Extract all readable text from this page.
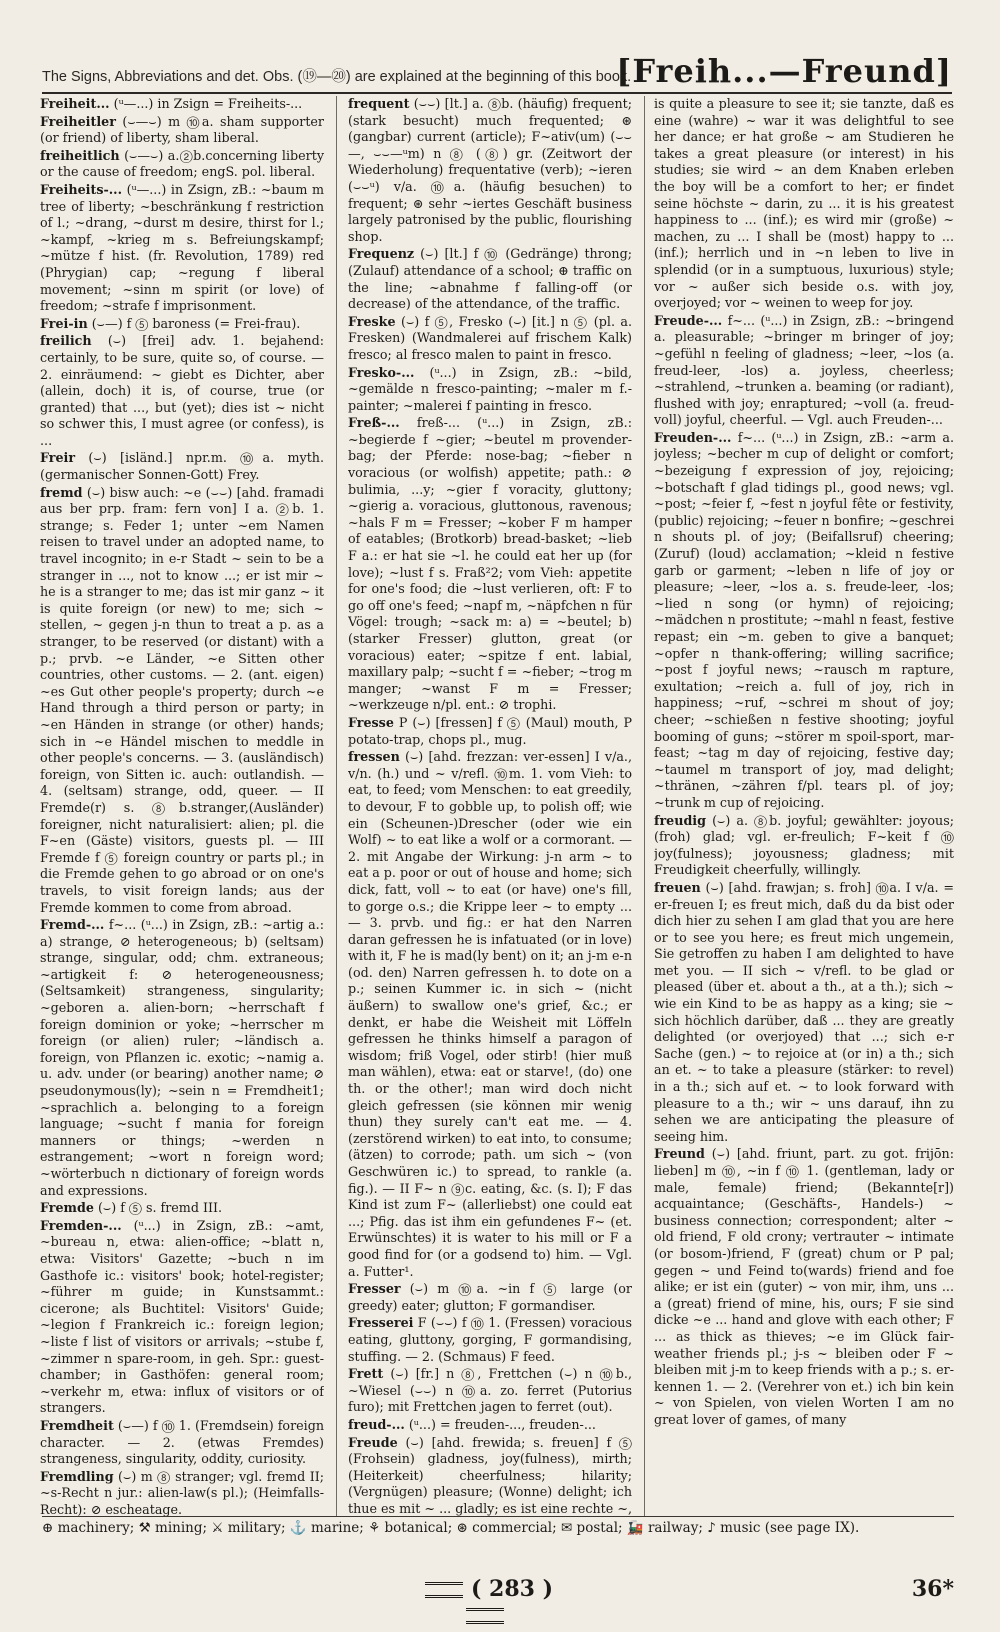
The Signs, Abbreviations and det. Obs. (⑲—⑳) are explained at the beginning of this book.
[Freih...—Freund]

Freiheit... (ᵘ—...) in Zsign = Freiheits-...

Freiheitler (⌣—⌣) m ⑩a. sham supporter (or friend) of liberty, sham liberal.

freiheitlich (⌣—⌣) a.②b.concerning liberty or the cause of freedom; engS. pol. liberal.

Freiheits-... (ᵘ—...) in Zsign, zB.: ~baum m tree of liberty; ~beschränkung f restriction of l.; ~drang, ~durst m desire, thirst for l.; ~kampf, ~krieg m s. Befreiungskampf; ~mütze f hist. (fr. Revolution, 1789) red (Phrygian) cap; ~regung f liberal movement; ~sinn m spirit (or love) of freedom; ~strafe f imprisonment.

Frei-in (⌣—) f ⑤ baroness (= Frei-frau).

freilich (⌣) [frei] adv. 1. bejahend: certainly, to be sure, quite so, of course. — 2. einräumend: ~ giebt es Dichter, aber (allein, doch) it is, of course, true (or granted) that ..., but (yet); dies ist ~ nicht so schwer this, I must agree (or confess), is ...

Freir (⌣) [isländ.] npr.m. ⑩a. myth. (germanischer Sonnen-Gott) Frey.

fremd (⌣) bisw auch: ~e (⌣⌣) [ahd. framadi aus ber prp. fram: fern von] I a. ②b. 1. strange; s. Feder 1; unter ~em Namen reisen to travel under an adopted name, to travel incognito; in e-r Stadt ~ sein to be a stranger in ..., not to know ...; er ist mir ~ he is a stranger to me; das ist mir ganz ~ it is quite foreign (or new) to me; sich ~ stellen, ~ gegen j-n thun to treat a p. as a stranger, to be reserved (or distant) with a p.; prvb. ~e Länder, ~e Sitten other countries, other customs. — 2. (ant. eigen) ~es Gut other people's property; durch ~e Hand through a third person or party; in ~en Händen in strange (or other) hands; sich in ~e Händel mischen to meddle in other people's concerns. — 3. (ausländisch) foreign, von Sitten ic. auch: outlandish. — 4. (seltsam) strange, odd, queer. — II Fremde(r) s. ⑧b.stranger,(Ausländer) foreigner, nicht naturalisiert: alien; pl. die F~en (Gäste) visitors, guests pl. — III Fremde f ⑤ foreign country or parts pl.; in die Fremde gehen to go abroad or on one's travels, to visit foreign lands; aus der Fremde kommen to come from abroad.

Fremd-... f~... (ᵘ...) in Zsign, zB.: ~artig a.: a) strange, ⊘ heterogeneous; b) (seltsam) strange, singular, odd; chm. extraneous; ~artigkeit f: ⊘ heterogeneousness; (Seltsamkeit) strangeness, singularity; ~geboren a. alien-born; ~herrschaft f foreign dominion or yoke; ~herrscher m foreign (or alien) ruler; ~ländisch a. foreign, von Pflanzen ic. exotic; ~namig a. u. adv. under (or bearing) another name; ⊘ pseudonymous(ly); ~sein n = Fremdheit1; ~sprachlich a. belonging to a foreign language; ~sucht f mania for foreign manners or things; ~werden n estrangement; ~wort n foreign word; ~wörterbuch n dictionary of foreign words and expressions.

Fremde (⌣) f ⑤ s. fremd III.

Fremden-... (ᵘ...) in Zsign, zB.: ~amt, ~bureau n, etwa: alien-office; ~blatt n, etwa: Visitors' Gazette; ~buch n im Gasthofe ic.: visitors' book; hotel-register; ~führer m guide; in Kunstsammt.: cicerone; als Buchtitel: Visitors' Guide; ~legion f Frankreich ic.: foreign legion; ~liste f list of visitors or arrivals; ~stube f, ~zimmer n spare-room, in geh. Spr.: guest-chamber; in Gasthöfen: general room; ~verkehr m, etwa: influx of visitors or of strangers.

Fremdheit (⌣—) f ⑩ 1. (Fremdsein) foreign character. — 2. (etwas Fremdes) strangeness, singularity, oddity, curiosity.

Fremdling (⌣) m ⑧ stranger; vgl. fremd II; ~s-Recht n jur.: alien-law(s pl.); (Heimfalls-Recht): ⊘ escheatage.

frequent (⌣⌣) [lt.] a. ⑧b. (häufig) frequent; (stark besucht) much frequented; ⊛ (gangbar) current (article); F~ativ(um) (⌣⌣—, ⌣⌣—ᵘm) n ⑧ (⑧) gr. (Zeitwort der Wiederholung) frequentative (verb); ~ieren (⌣⌣ᵘ) v/a. ⑩a. (häufig besuchen) to frequent; ⊛ sehr ~iertes Geschäft business largely patronised by the public, flourishing shop.

Frequenz (⌣) [lt.] f ⑩ (Gedränge) throng; (Zulauf) attendance of a school; ⊕ traffic on the line; ~abnahme f falling-off (or decrease) of the attendance, of the traffic.

Freske (⌣) f ⑤, Fresko (⌣) [it.] n ⑤ (pl. a. Fresken) (Wandmalerei auf frischem Kalk) fresco; al fresco malen to paint in fresco.

Fresko-... (ᵘ...) in Zsign, zB.: ~bild, ~gemälde n fresco-painting; ~maler m f.-painter; ~malerei f painting in fresco.

Freß-... freß-... (ᵘ...) in Zsign, zB.: ~begierde f ~gier; ~beutel m provender-bag; der Pferde: nose-bag; ~fieber n voracious (or wolfish) appetite; path.: ⊘ bulimia, ...y; ~gier f voracity, gluttony; ~gierig a. voracious, gluttonous, ravenous; ~hals F m = Fresser; ~kober F m hamper of eatables; (Brotkorb) bread-basket; ~lieb F a.: er hat sie ~l. he could eat her up (for love); ~lust f s. Fraß²2; vom Vieh: appetite for one's food; die ~lust verlieren, oft: F to go off one's feed; ~napf m, ~näpfchen n für Vögel: trough; ~sack m: a) = ~beutel; b) (starker Fresser) glutton, great (or voracious) eater; ~spitze f ent. labial, maxillary palp; ~sucht f = ~fieber; ~trog m manger; ~wanst F m = Fresser; ~werkzeuge n/pl. ent.: ⊘ trophi.

Fresse P (⌣) [fressen] f ⑤ (Maul) mouth, P potato-trap, chops pl., mug.

fressen (⌣) [ahd. frezzan: ver-essen] I v/a., v/n. (h.) und ~ v/refl. ⑩m. 1. vom Vieh: to eat, to feed; vom Menschen: to eat greedily, to devour, F to gobble up, to polish off; wie ein (Scheunen-)Drescher (oder wie ein Wolf) ~ to eat like a wolf or a cormorant. — 2. mit Angabe der Wirkung: j-n arm ~ to eat a p. poor or out of house and home; sich dick, fatt, voll ~ to eat (or have) one's fill, to gorge o.s.; die Krippe leer ~ to empty ... — 3. prvb. und fig.: er hat den Narren daran gefressen he is infatuated (or in love) with it, F he is mad(ly bent) on it; an j-m e-n (od. den) Narren gefressen h. to dote on a p.; seinen Kummer ic. in sich ~ (nicht äußern) to swallow one's grief, &c.; er denkt, er habe die Weisheit mit Löffeln gefressen he thinks himself a paragon of wisdom; friß Vogel, oder stirb! (hier muß man wählen), etwa: eat or starve!, (do) one th. or the other!; man wird doch nicht gleich gefressen (sie können mir wenig thun) they surely can't eat me. — 4. (zerstörend wirken) to eat into, to consume; (ätzen) to corrode; path. um sich ~ (von Geschwüren ic.) to spread, to rankle (a. fig.). — II F~ n ⑨c. eating, &c. (s. I); F das Kind ist zum F~ (allerliebst) one could eat ...; Pfig. das ist ihm ein gefundenes F~ (et. Erwünschtes) it is water to his mill or F a good find for (or a godsend to) him. — Vgl. a. Futter¹.

Fresser (⌣) m ⑩a. ~in f ⑤ large (or greedy) eater; glutton; F gormandiser.

Fresserei F (⌣⌣) f ⑩ 1. (Fressen) voracious eating, gluttony, gorging, F gormandising, stuffing. — 2. (Schmaus) F feed.

Frett (⌣) [fr.] n ⑧, Frettchen (⌣) n ⑩b., ~Wiesel (⌣⌣) n ⑩a. zo. ferret (Putorius furo); mit Frettchen jagen to ferret (out).

freud-... (ᵘ...) = freuden-..., freuden-...

Freude (⌣) [ahd. frewida; s. freuen] f ⑤ (Frohsein) gladness, joy(fulness), mirth; (Heiterkeit) cheerfulness; hilarity; (Vergnügen) pleasure; (Wonne) delight; ich thue es mit ~ ... gladly; es ist eine rechte ~,

is quite a pleasure to see it; sie tanzte, daß es eine (wahre) ~ war it was delightful to see her dance; er hat große ~ am Studieren he takes a great pleasure (or interest) in his studies; sie wird ~ an dem Knaben erleben the boy will be a comfort to her; er findet seine höchste ~ darin, zu ... it is his greatest happiness to ... (inf.); es wird mir (große) ~ machen, zu ... I shall be (most) happy to ... (inf.); herrlich und in ~n leben to live in splendid (or in a sumptuous, luxurious) style; vor ~ außer sich beside o.s. with joy, overjoyed; vor ~ weinen to weep for joy.

Freude-... f~... (ᵘ...) in Zsign, zB.: ~bringend a. pleasurable; ~bringer m bringer of joy; ~gefühl n feeling of gladness; ~leer, ~los (a. freud-leer, -los) a. joyless, cheerless; ~strahlend, ~trunken a. beaming (or radiant), flushed with joy; enraptured; ~voll (a. freud-voll) joyful, cheerful. — Vgl. auch Freuden-...

Freuden-... f~... (ᵘ...) in Zsign, zB.: ~arm a. joyless; ~becher m cup of delight or comfort; ~bezeigung f expression of joy, rejoicing; ~botschaft f glad tidings pl., good news; vgl. ~post; ~feier f, ~fest n joyful fête or festivity, (public) rejoicing; ~feuer n bonfire; ~geschrei n shouts pl. of joy; (Beifallsruf) cheering; (Zuruf) (loud) acclamation; ~kleid n festive garb or garment; ~leben n life of joy or pleasure; ~leer, ~los a. s. freude-leer, -los; ~lied n song (or hymn) of rejoicing; ~mädchen n prostitute; ~mahl n feast, festive repast; ein ~m. geben to give a banquet; ~opfer n thank-offering; willing sacrifice; ~post f joyful news; ~rausch m rapture, exultation; ~reich a. full of joy, rich in happiness; ~ruf, ~schrei m shout of joy; cheer; ~schießen n festive shooting; joyful booming of guns; ~störer m spoil-sport, mar-feast; ~tag m day of rejoicing, festive day; ~taumel m transport of joy, mad delight; ~thränen, ~zähren f/pl. tears pl. of joy; ~trunk m cup of rejoicing.

freudig (⌣) a. ⑧b. joyful; gewählter: joyous; (froh) glad; vgl. er-freulich; F~keit f ⑩ joy(fulness); joyousness; gladness; mit Freudigkeit cheerfully, willingly.

freuen (⌣) [ahd. frawjan; s. froh] ⑩a. I v/a. = er-freuen I; es freut mich, daß du da bist oder dich hier zu sehen I am glad that you are here or to see you here; es freut mich ungemein, Sie getroffen zu haben I am delighted to have met you. — II sich ~ v/refl. to be glad or pleased (über et. about a th., at a th.); sich ~ wie ein Kind to be as happy as a king; sie ~ sich höchlich darüber, daß ... they are greatly delighted (or overjoyed) that ...; sich e-r Sache (gen.) ~ to rejoice at (or in) a th.; sich an et. ~ to take a pleasure (stärker: to revel) in a th.; sich auf et. ~ to look forward with pleasure to a th.; wir ~ uns darauf, ihn zu sehen we are anticipating the pleasure of seeing him.

Freund (⌣) [ahd. friunt, part. zu got. frijōn: lieben] m ⑩, ~in f ⑩ 1. (gentleman, lady or male, female) friend; (Bekannte[r]) acquaintance; (Geschäfts-, Handels-) ~ business connection; correspondent; alter ~ old friend, F old crony; vertrauter ~ intimate (or bosom-)friend, F (great) chum or P pal; gegen ~ und Feind to(wards) friend and foe alike; er ist ein (guter) ~ von mir, ihm, uns ... a (great) friend of mine, his, ours; F sie sind dicke ~e ... hand and glove with each other; F ... as thick as thieves; ~e im Glück fair-weather friends pl.; j-s ~ bleiben oder F ~ bleiben mit j-m to keep friends with a p.; s. er-kennen 1. — 2. (Verehrer von et.) ich bin kein ~ von Spielen, von vielen Worten I am no great lover of games, of many

⊕ machinery; ⚒ mining; ⚔ military; ⚓ marine; ⚘ botanical; ⊛ commercial; ✉ postal; 🚂 railway; ♪ music (see page IX).
( 283 )	36*
